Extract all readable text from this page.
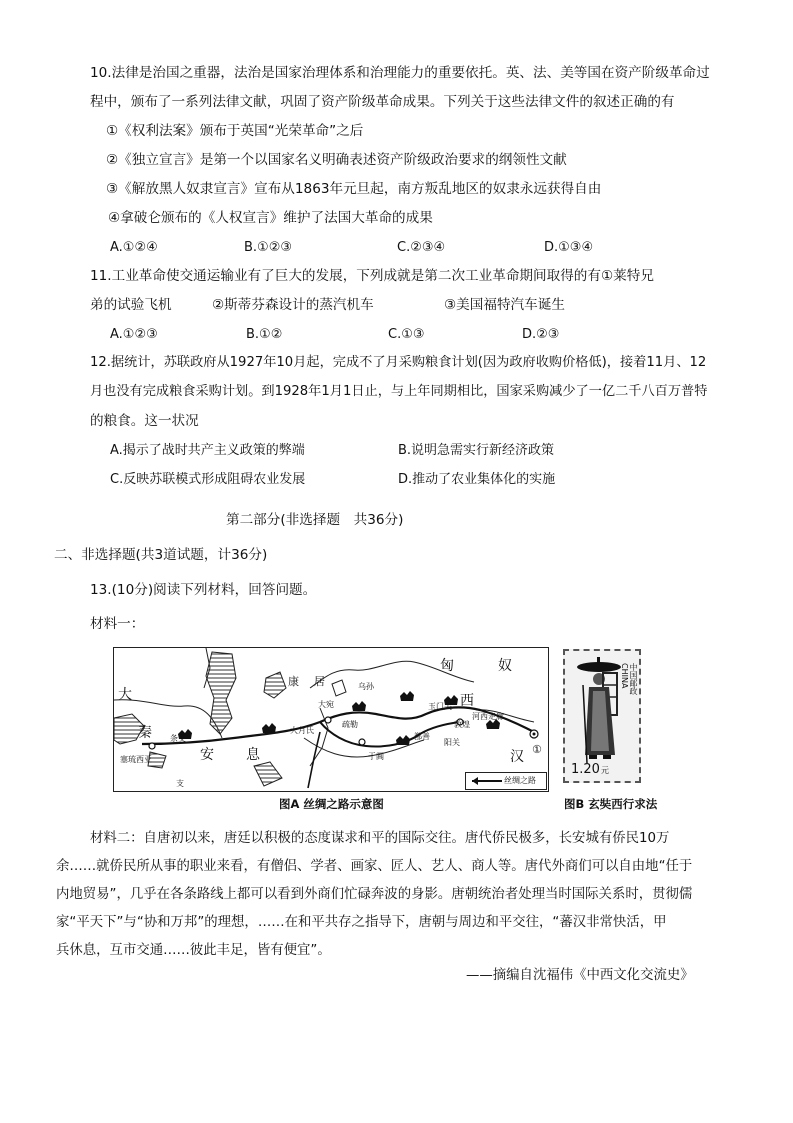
10.法律是治国之重器，法治是国家治理体系和治理能力的重要依托。英、法、美等国在资产阶级革命过
程中，颁布了一系列法律文献，巩固了资产阶级革命成果。下列关于这些法律文件的叙述正确的有
①《权利法案》颁布于英国“光荣革命”之后
②《独立宣言》是第一个以国家名义明确表述资产阶级政治要求的纲领性文献
③《解放黑人奴隶宣言》宣布从1863年元旦起，南方叛乱地区的奴隶永远获得自由
④拿破仑颁布的《人权宣言》维护了法国大革命的成果
A.①②④	B.①②③	C.②③④	D.①③④
11.工业革命使交通运输业有了巨大的发展，下列成就是第二次工业革命期间取得的有①莱特兄
弟的试验飞机	②斯蒂芬森设计的蒸汽机车	③美国福特汽车诞生
A.①②③	B.①②	C.①③	D.②③
12.据统计，苏联政府从1927年10月起，完成不了月采购粮食计划(因为政府收购价格低)，接着11月、12
月也没有完成粮食采购计划。到1928年1月1日止，与上年同期相比，国家采购减少了一亿二千八百万普特
的粮食。这一状况
A.揭示了战时共产主义政策的弊端	B.说明急需实行新经济政策
C.反映苏联模式形成阻碍农业发展	D.推动了农业集体化的实施
第二部分(非选择题　共36分)
二、非选择题(共3道试题，计36分)
13.(10分)阅读下列材料，回答问题。
材料一：
匈	奴
康 居	乌孙
大
秦 条支
安 息
塞琉西亚
支
大宛
疏勒
大月氏
于阗
鄯善
玉门关 西
敦煌
河西走廊
阳关
汉 ①
丝绸之路
图A 丝绸之路示意图
CHINA 中国邮政
1.20 元
图B 玄奘西行求法
材料二：自唐初以来，唐廷以积极的态度谋求和平的国际交往。唐代侨民极多，长安城有侨民10万
余……就侨民所从事的职业来看，有僧侣、学者、画家、匠人、艺人、商人等。唐代外商们可以自由地“任于
内地贸易”，几乎在各条路线上都可以看到外商们忙碌奔波的身影。唐朝统治者处理当时国际关系时，贯彻儒
家“平天下”与“协和万邦”的理想，……在和平共存之指导下，唐朝与周边和平交往，“蕃汉非常快活，甲
兵休息，互市交通……彼此丰足，皆有便宜”。
——摘编自沈福伟《中西文化交流史》
